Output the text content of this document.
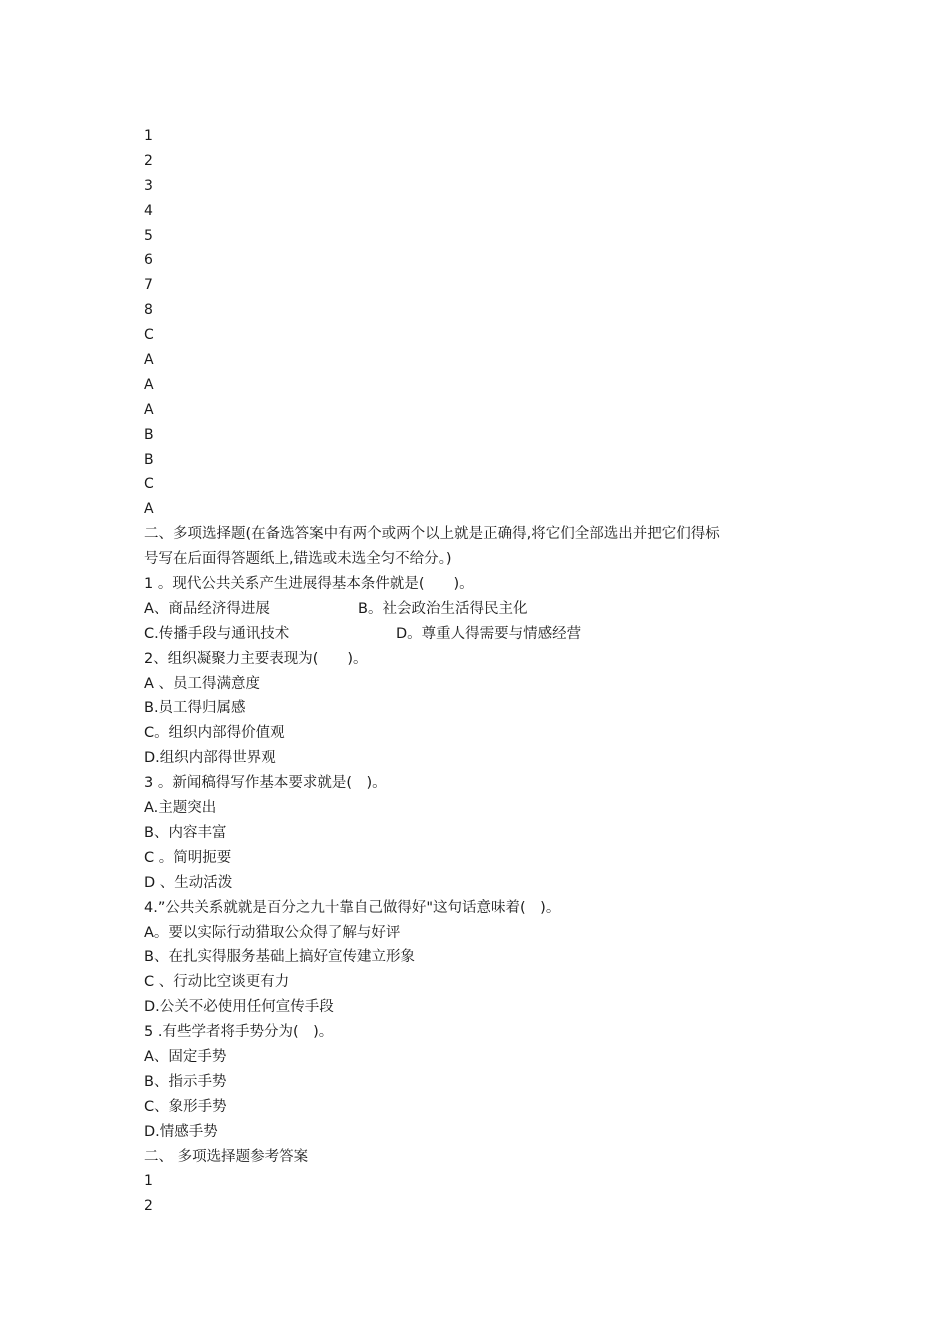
1
2
3
4
5
6
7
8
C
A
A
A
B
B
C
A
二、多项选择题(在备选答案中有两个或两个以上就是正确得,将它们全部选出并把它们得标
号写在后面得答题纸上,错选或未选全匀不给分。)
1 。现代公共关系产生进展得基本条件就是(　　)。
A、商品经济得进展	B。社会政治生活得民主化
C.传播手段与通讯技术	D。尊重人得需要与情感经营
2、组织凝聚力主要表现为(　　)。
A 、员工得满意度
B.员工得归属感
C。组织内部得价值观
D.组织内部得世界观
3 。新闻稿得写作基本要求就是(　)。
A.主题突出
B、内容丰富
C 。简明扼要
D 、生动活泼
4.”公共关系就就是百分之九十靠自己做得好"这句话意味着(　)。
A。要以实际行动猎取公众得了解与好评
B、在扎实得服务基础上搞好宣传建立形象
C 、行动比空谈更有力
D.公关不必使用任何宣传手段
5 .有些学者将手势分为(　)。
A、固定手势
B、指示手势
C、象形手势
D.情感手势
二、 多项选择题参考答案
1
2
